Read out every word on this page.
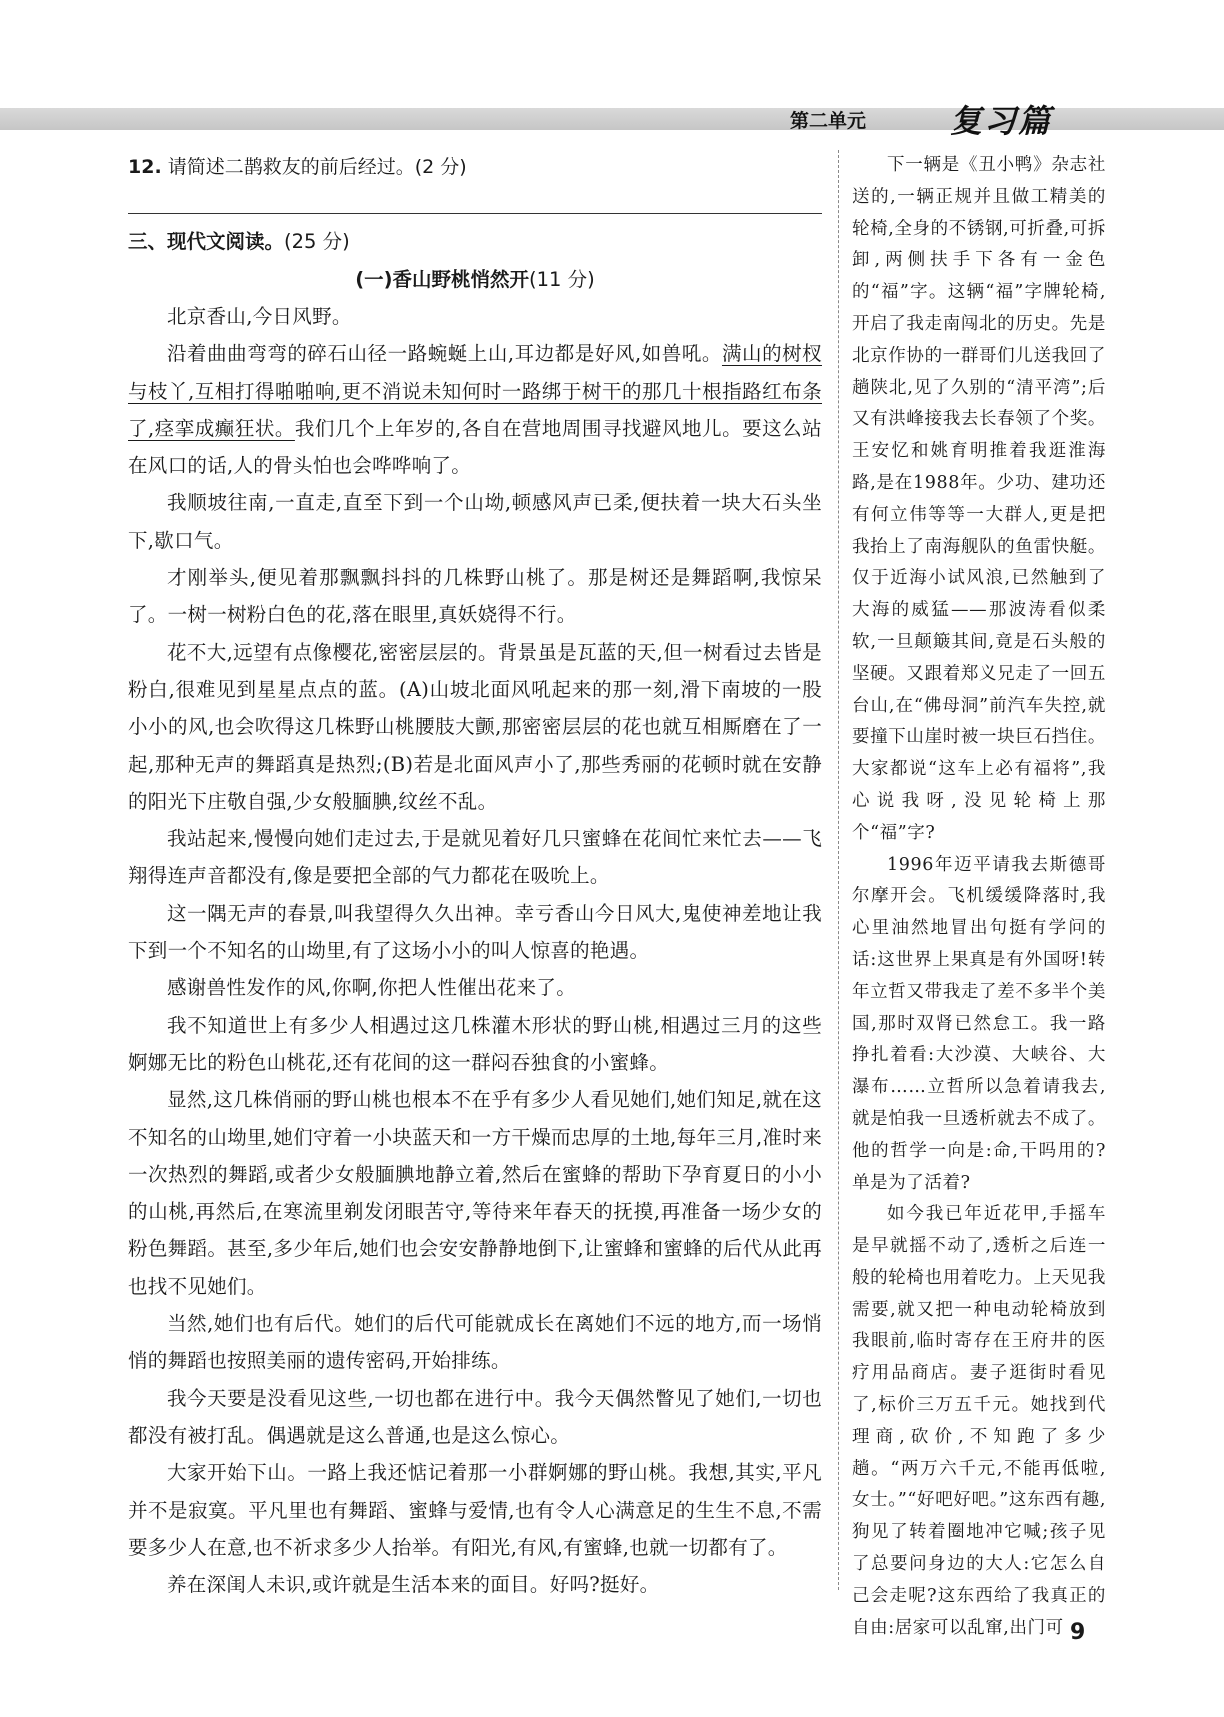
第二单元	复习篇
12. 请简述二鹊救友的前后经过。(2 分)
三、现代文阅读。(25 分)
(一)香山野桃悄然开(11 分)

北京香山,今日风野。

沿着曲曲弯弯的碎石山径一路蜿蜒上山,耳边都是好风,如兽吼。满山的树杈与枝丫,互相打得啪啪响,更不消说未知何时一路绑于树干的那几十根指路红布条了,痉挛成癫狂状。我们几个上年岁的,各自在营地周围寻找避风地儿。要这么站在风口的话,人的骨头怕也会哗哗响了。

我顺坡往南,一直走,直至下到一个山坳,顿感风声已柔,便扶着一块大石头坐下,歇口气。

才刚举头,便见着那飘飘抖抖的几株野山桃了。那是树还是舞蹈啊,我惊呆了。一树一树粉白色的花,落在眼里,真妖娆得不行。

花不大,远望有点像樱花,密密层层的。背景虽是瓦蓝的天,但一树看过去皆是粉白,很难见到星星点点的蓝。(A)山坡北面风吼起来的那一刻,滑下南坡的一股小小的风,也会吹得这几株野山桃腰肢大颤,那密密层层的花也就互相厮磨在了一起,那种无声的舞蹈真是热烈;(B)若是北面风声小了,那些秀丽的花顿时就在安静的阳光下庄敬自强,少女般腼腆,纹丝不乱。

我站起来,慢慢向她们走过去,于是就见着好几只蜜蜂在花间忙来忙去——飞翔得连声音都没有,像是要把全部的气力都花在吸吮上。

这一隅无声的春景,叫我望得久久出神。幸亏香山今日风大,鬼使神差地让我下到一个不知名的山坳里,有了这场小小的叫人惊喜的艳遇。

感谢兽性发作的风,你啊,你把人性催出花来了。

我不知道世上有多少人相遇过这几株灌木形状的野山桃,相遇过三月的这些婀娜无比的粉色山桃花,还有花间的这一群闷吞独食的小蜜蜂。

显然,这几株俏丽的野山桃也根本不在乎有多少人看见她们,她们知足,就在这不知名的山坳里,她们守着一小块蓝天和一方干燥而忠厚的土地,每年三月,准时来一次热烈的舞蹈,或者少女般腼腆地静立着,然后在蜜蜂的帮助下孕育夏日的小小的山桃,再然后,在寒流里剃发闭眼苦守,等待来年春天的抚摸,再准备一场少女的粉色舞蹈。甚至,多少年后,她们也会安安静静地倒下,让蜜蜂和蜜蜂的后代从此再也找不见她们。

当然,她们也有后代。她们的后代可能就成长在离她们不远的地方,而一场悄悄的舞蹈也按照美丽的遗传密码,开始排练。

我今天要是没看见这些,一切也都在进行中。我今天偶然瞥见了她们,一切也都没有被打乱。偶遇就是这么普通,也是这么惊心。

大家开始下山。一路上我还惦记着那一小群婀娜的野山桃。我想,其实,平凡并不是寂寞。平凡里也有舞蹈、蜜蜂与爱情,也有令人心满意足的生生不息,不需要多少人在意,也不祈求多少人抬举。有阳光,有风,有蜜蜂,也就一切都有了。

养在深闺人未识,或许就是生活本来的面目。好吗?挺好。

下一辆是《丑小鸭》杂志社送的,一辆正规并且做工精美的轮椅,全身的不锈钢,可折叠,可拆卸,两侧扶手下各有一金色的“福”字。这辆“福”字牌轮椅,开启了我走南闯北的历史。先是北京作协的一群哥们儿送我回了趟陕北,见了久别的“清平湾”;后又有洪峰接我去长春领了个奖。王安忆和姚育明推着我逛淮海路,是在1988年。少功、建功还有何立伟等等一大群人,更是把我抬上了南海舰队的鱼雷快艇。仅于近海小试风浪,已然触到了大海的威猛——那波涛看似柔软,一旦颠簸其间,竟是石头般的坚硬。又跟着郑义兄走了一回五台山,在“佛母洞”前汽车失控,就要撞下山崖时被一块巨石挡住。大家都说“这车上必有福将”,我心说我呀,没见轮椅上那个“福”字?

1996年迈平请我去斯德哥尔摩开会。飞机缓缓降落时,我心里油然地冒出句挺有学问的话:这世界上果真是有外国呀!转年立哲又带我走了差不多半个美国,那时双肾已然怠工。我一路挣扎着看:大沙漠、大峡谷、大瀑布……立哲所以急着请我去,就是怕我一旦透析就去不成了。他的哲学一向是:命,干吗用的?单是为了活着?

如今我已年近花甲,手摇车是早就摇不动了,透析之后连一般的轮椅也用着吃力。上天见我需要,就又把一种电动轮椅放到我眼前,临时寄存在王府井的医疗用品商店。妻子逛街时看见了,标价三万五千元。她找到代理商,砍价,不知跑了多少趟。“两万六千元,不能再低啦,女士。”“好吧好吧。”这东西有趣,狗见了转着圈地冲它喊;孩子见了总要问身边的大人:它怎么自己会走呢?这东西给了我真正的自由:居家可以乱窜,出门可 9
